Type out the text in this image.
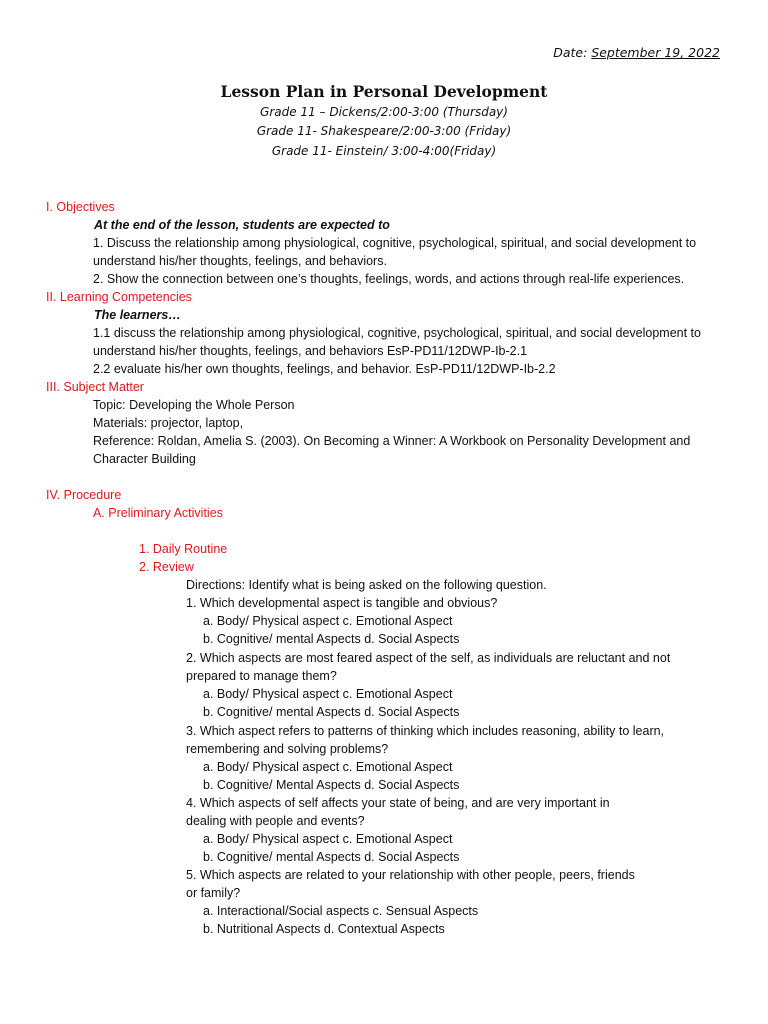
Date: September 19, 2022
Lesson Plan in Personal Development
Grade 11 – Dickens/2:00-3:00 (Thursday)
Grade 11- Shakespeare/2:00-3:00 (Friday)
Grade 11- Einstein/ 3:00-4:00(Friday)
I. Objectives
At the end of the lesson, students are expected to
1. Discuss the relationship among physiological, cognitive, psychological, spiritual, and social development to
understand his/her thoughts, feelings, and behaviors.
2. Show the connection between one’s thoughts, feelings, words, and actions through real-life experiences.
II. Learning Competencies
The learners…
1.1 discuss the relationship among physiological, cognitive, psychological, spiritual, and social development to
understand his/her thoughts, feelings, and behaviors EsP-PD11/12DWP-Ib-2.1
2.2 evaluate his/her own thoughts, feelings, and behavior. EsP-PD11/12DWP-Ib-2.2
III. Subject Matter
Topic: Developing the Whole Person
Materials: projector, laptop,
Reference: Roldan, Amelia S. (2003). On Becoming a Winner: A Workbook on Personality Development and
Character Building
IV. Procedure
A. Preliminary Activities
1. Daily Routine
2. Review
Directions: Identify what is being asked on the following question.
1. Which developmental aspect is tangible and obvious?
a. Body/ Physical aspect c. Emotional Aspect
b. Cognitive/ mental Aspects d. Social Aspects
2. Which aspects are most feared aspect of the self, as individuals are reluctant and not
prepared to manage them?
a. Body/ Physical aspect c. Emotional Aspect
b. Cognitive/ mental Aspects d. Social Aspects
3. Which aspect refers to patterns of thinking which includes reasoning, ability to learn,
remembering and solving problems?
a. Body/ Physical aspect c. Emotional Aspect
b. Cognitive/ Mental Aspects d. Social Aspects
4. Which aspects of self affects your state of being, and are very important in
dealing with people and events?
a. Body/ Physical aspect c. Emotional Aspect
b. Cognitive/ mental Aspects d. Social Aspects
5. Which aspects are related to your relationship with other people, peers, friends
or family?
a. Interactional/Social aspects c. Sensual Aspects
b. Nutritional Aspects d. Contextual Aspects
